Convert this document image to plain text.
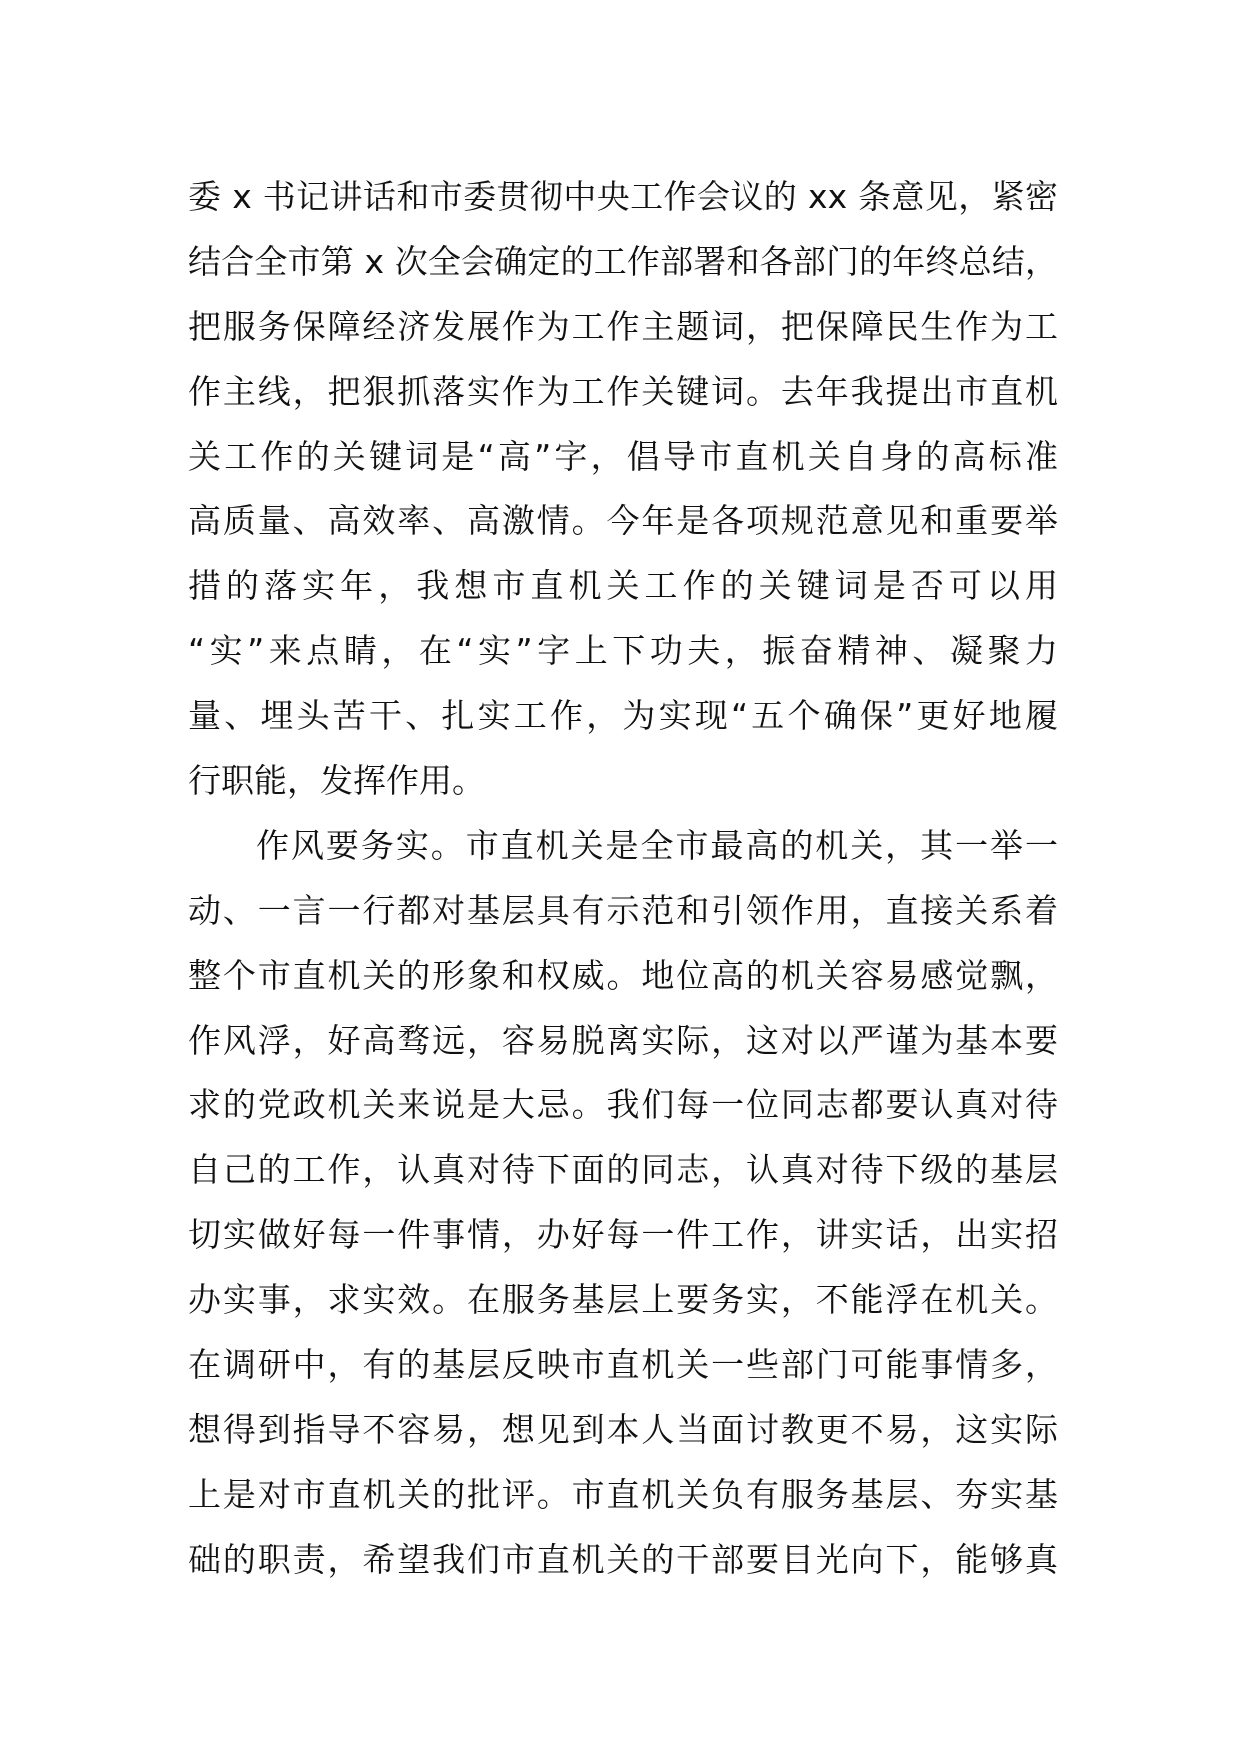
委 x 书记讲话和市委贯彻中央工作会议的 xx 条意见，紧密
结合全市第 x 次全会确定的工作部署和各部门的年终总结，
把服务保障经济发展作为工作主题词，把保障民生作为工
作主线，把狠抓落实作为工作关键词。去年我提出市直机
关工作的关键词是“高”字，倡导市直机关自身的高标准
高质量、高效率、高激情。今年是各项规范意见和重要举
措的落实年，我想市直机关工作的关键词是否可以用
“实”来点睛，在“实”字上下功夫，振奋精神、凝聚力
量、埋头苦干、扎实工作，为实现“五个确保”更好地履
行职能，发挥作用。
作风要务实。市直机关是全市最高的机关，其一举一
动、一言一行都对基层具有示范和引领作用，直接关系着
整个市直机关的形象和权威。地位高的机关容易感觉飘，
作风浮，好高骛远，容易脱离实际，这对以严谨为基本要
求的党政机关来说是大忌。我们每一位同志都要认真对待
自己的工作，认真对待下面的同志，认真对待下级的基层
切实做好每一件事情，办好每一件工作，讲实话，出实招
办实事，求实效。在服务基层上要务实，不能浮在机关。
在调研中，有的基层反映市直机关一些部门可能事情多，
想得到指导不容易，想见到本人当面讨教更不易，这实际
上是对市直机关的批评。市直机关负有服务基层、夯实基
础的职责，希望我们市直机关的干部要目光向下，能够真
